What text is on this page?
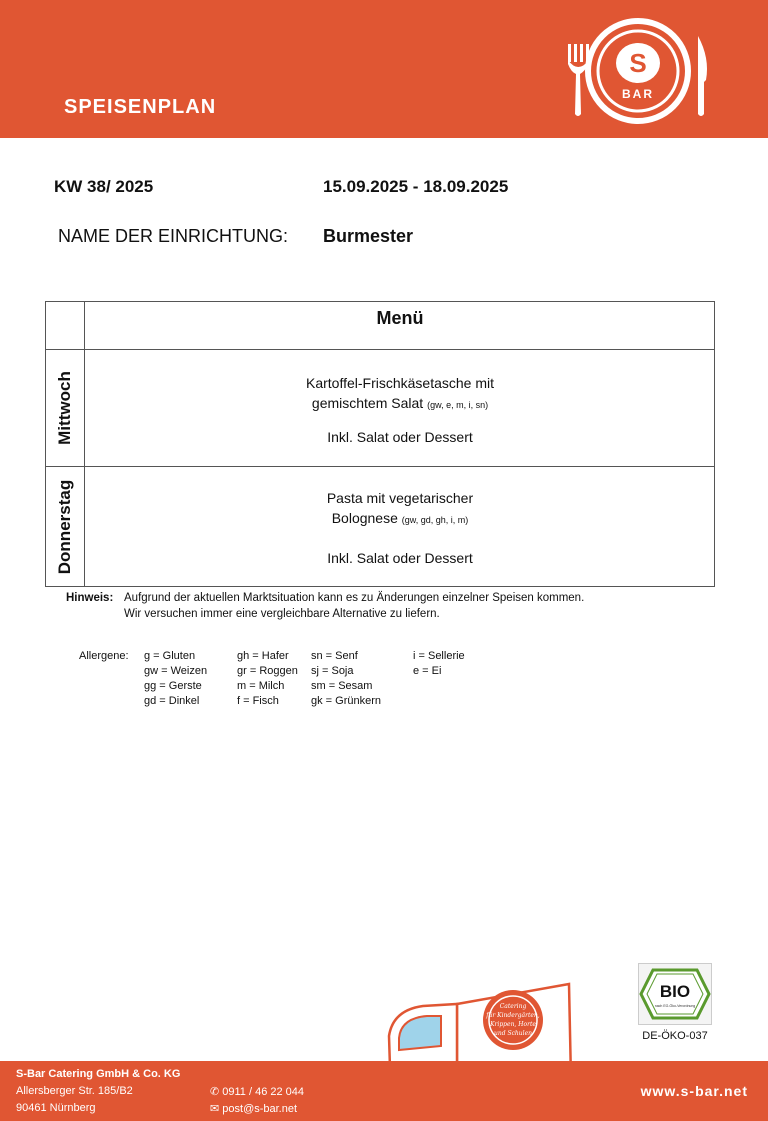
SPEISENPLAN
S
BAR
KW 38/ 2025	15.09.2025 - 18.09.2025
NAME DER EINRICHTUNG: Burmester
Menü
Mittwoch	Kartoffel-Frischkäsetasche mit
gemischtem Salat (gw, e, m, i, sn)
Inkl. Salat oder Dessert
Donnerstag	Pasta mit vegetarischer
Bolognese (gw, gd, gh, i, m)
Inkl. Salat oder Dessert
Hinweis: Aufgrund der aktuellen Marktsituation kann es zu Änderungen einzelner Speisen kommen.
Wir versuchen immer eine vergleichbare Alternative zu liefern.
Allergene: g = Gluten
gw = Weizen
gg = Gerste
gd = Dinkel
gh = Hafer
gr = Roggen
m = Milch
f = Fisch
sn = Senf
sj = Soja
sm = Sesam
gk = Grünkern
i = Sellerie
e = Ei
BIO
nach EG-Öko-Verordnung
DE-ÖKO-037
Catering
für Kindergärten,
Krippen, Horte
und Schulen
S-Bar Catering GmbH & Co. KG
Allersberger Str. 185/B2
90461 Nürnberg
✆ 0911 / 46 22 044
✉ post@s-bar.net
www.s-bar.net
